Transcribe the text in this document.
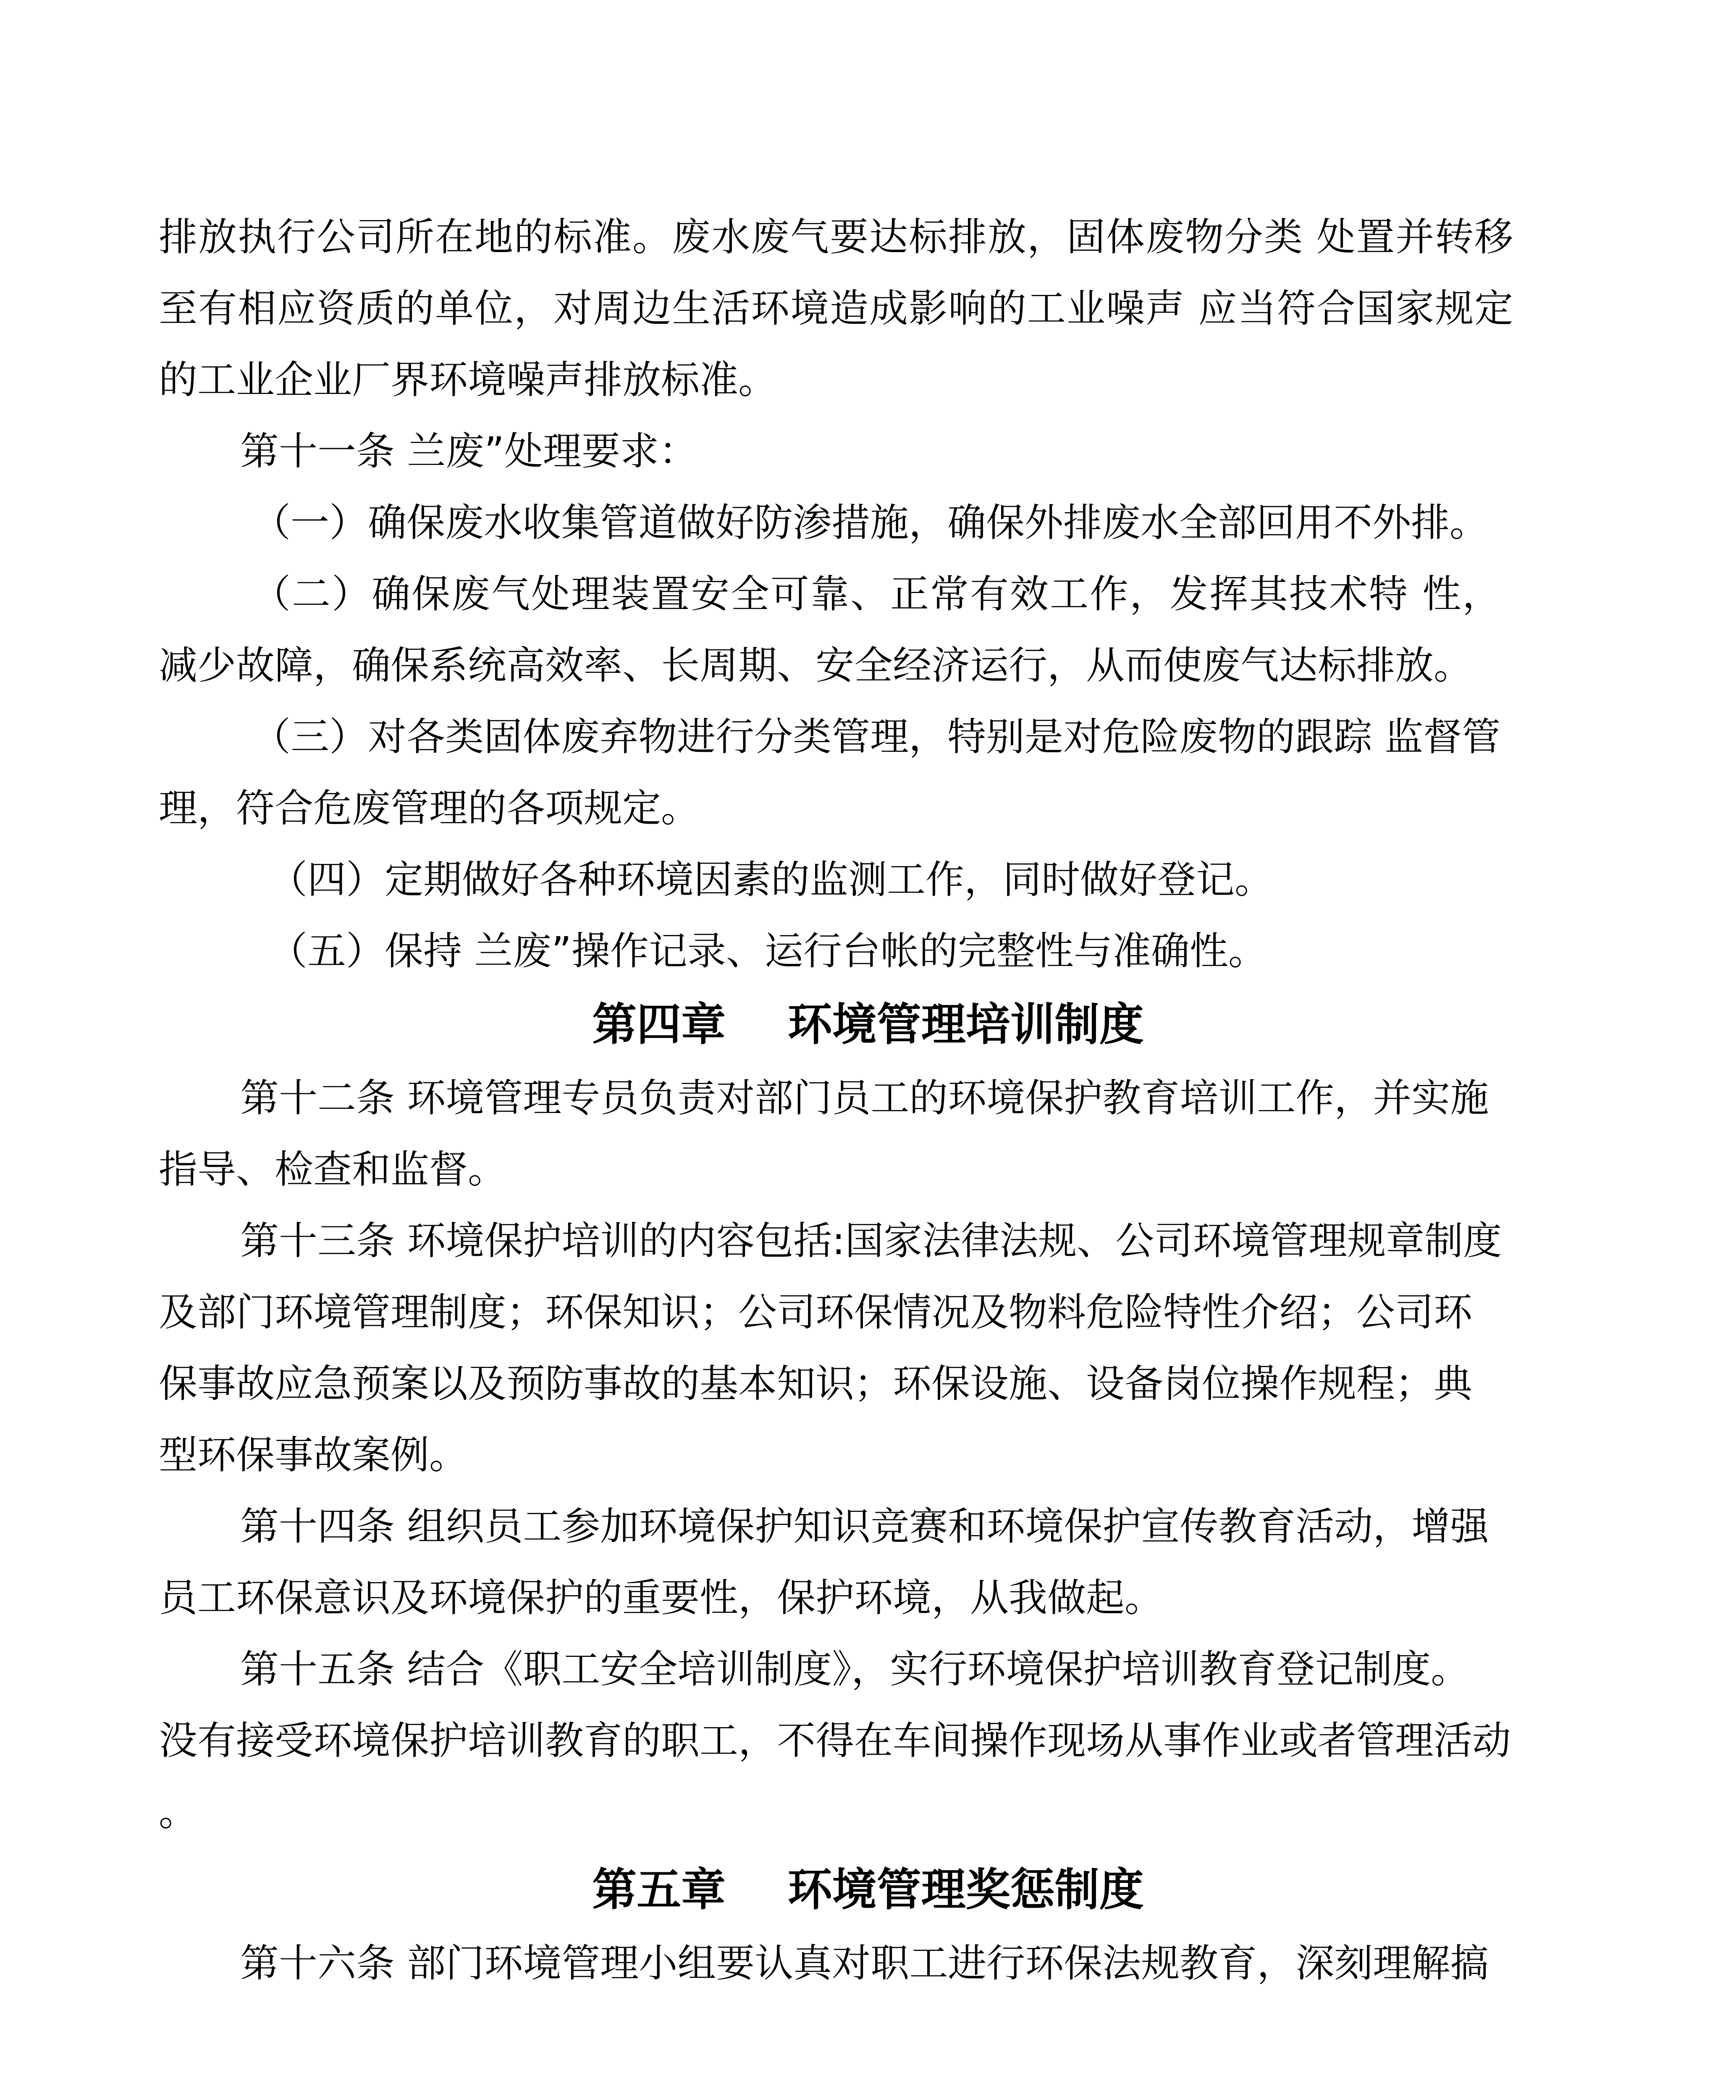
排放执行公司所在地的标准。废水废气要达标排放，固体废物分类 处置并转移
至有相应资质的单位，对周边生活环境造成影响的工业噪声 应当符合国家规定
的工业企业厂界环境噪声排放标准。
第十一条 兰废”处理要求：
（一）确保废水收集管道做好防渗措施，确保外排废水全部回用不外排。
（二）确保废气处理装置安全可靠、正常有效工作，发挥其技术特 性，
减少故障，确保系统高效率、长周期、安全经济运行，从而使废气达标排放。
（三）对各类固体废弃物进行分类管理，特别是对危险废物的跟踪 监督管
理，符合危废管理的各项规定。
（四）定期做好各种环境因素的监测工作，同时做好登记。
（五）保持 兰废”操作记录、运行台帐的完整性与准确性。
第四章    环境管理培训制度
第十二条 环境管理专员负责对部门员工的环境保护教育培训工作，并实施
指导、检查和监督。
第十三条 环境保护培训的内容包括:国家法律法规、公司环境管理规章制度
及部门环境管理制度；环保知识；公司环保情况及物料危险特性介绍；公司环
保事故应急预案以及预防事故的基本知识；环保设施、设备岗位操作规程；典
型环保事故案例。
第十四条 组织员工参加环境保护知识竞赛和环境保护宣传教育活动，增强
员工环保意识及环境保护的重要性，保护环境，从我做起。
第十五条 结合《职工安全培训制度》，实行环境保护培训教育登记制度。
没有接受环境保护培训教育的职工，不得在车间操作现场从事作业或者管理活动
。
第五章    环境管理奖惩制度
第十六条 部门环境管理小组要认真对职工进行环保法规教育，深刻理解搞
